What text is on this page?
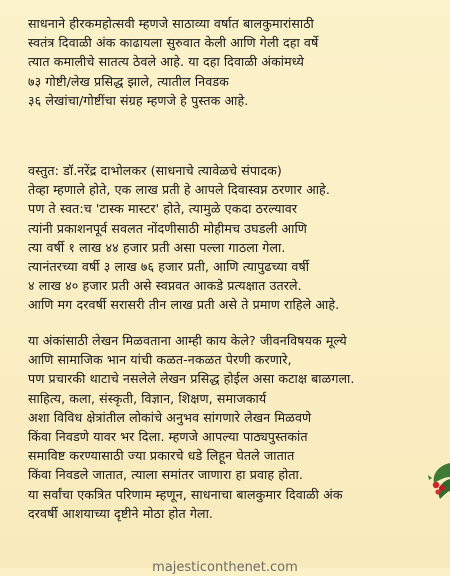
साधनाने हीरकमहोत्सवी म्हणजे साठाव्या वर्षात बालकुमारांसाठी
स्वतंत्र दिवाळी अंक काढायला सुरुवात केली आणि गेली दहा वर्षे
त्यात कमालीचे सातत्य ठेवले आहे. या दहा दिवाळी अंकांमध्ये
७३ गोष्टी/लेख प्रसिद्ध झाले, त्यातील निवडक
३६ लेखांचा/गोष्टींचा संग्रह म्हणजे हे पुस्तक आहे.
वस्तुत: डॉ.नरेंद्र दाभोलकर (साधनाचे त्यावेळचे संपादक)
तेव्हा म्हणाले होते, एक लाख प्रती हे आपले दिवास्वप्न ठरणार आहे.
पण ते स्वत:च 'टास्क मास्टर' होते, त्यामुळे एकदा ठरल्यावर
त्यांनी प्रकाशनपूर्व सवलत नोंदणीसाठी मोहीमच उघडली आणि
त्या वर्षी १ लाख ४४ हजार प्रती असा पल्ला गाठला गेला.
त्यानंतरच्या वर्षी ३ लाख ७६ हजार प्रती, आणि त्यापुढच्या वर्षी
४ लाख ४० हजार प्रती असे स्वप्नवत आकडे प्रत्यक्षात उतरले.
आणि मग दरवर्षी सरासरी तीन लाख प्रती असे ते प्रमाण राहिले आहे.
या अंकांसाठी लेखन मिळवताना आम्ही काय केले? जीवनविषयक मूल्ये
आणि सामाजिक भान यांची कळत-नकळत पेरणी करणारे,
पण प्रचारकी थाटाचे नसलेले लेखन प्रसिद्ध होईल असा कटाक्ष बाळगला.
साहित्य, कला, संस्कृती, विज्ञान, शिक्षण, समाजकार्य
अशा विविध क्षेत्रांतील लोकांचे अनुभव सांगणारे लेखन मिळवणे
किंवा निवडणे यावर भर दिला. म्हणजे आपल्या पाठ्यपुस्तकांत
समाविष्ट करण्यासाठी ज्या प्रकारचे धडे लिहून घेतले जातात
किंवा निवडले जातात, त्याला समांतर जाणारा हा प्रवाह होता.
या सर्वांचा एकत्रित परिणाम म्हणून, साधनाचा बालकुमार दिवाळी अंक
दरवर्षी आशयाच्या दृष्टीने मोठा होत गेला.
majesticonthenet.com
